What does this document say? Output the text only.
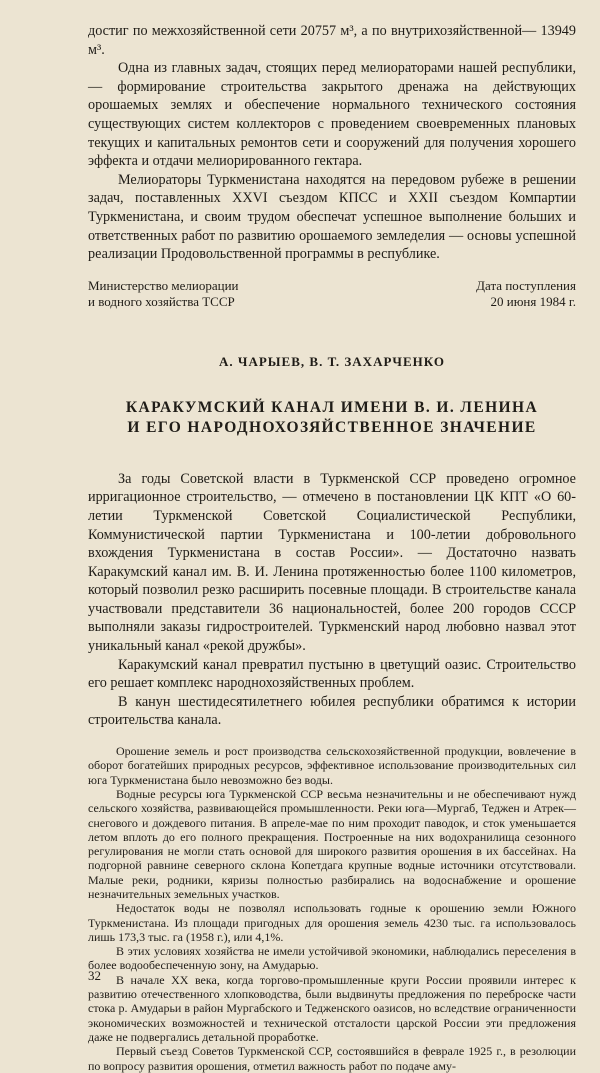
достиг по межхозяйственной сети 20757 м³, а по внутрихозяйственной— 13949 м³.

Одна из главных задач, стоящих перед мелиораторами нашей республики, — формирование строительства закрытого дренажа на действующих орошаемых землях и обеспечение нормального технического состояния существующих систем коллекторов с проведением своевременных плановых текущих и капитальных ремонтов сети и сооружений для получения хорошего эффекта и отдачи мелиорированного гектара.

Мелиораторы Туркменистана находятся на передовом рубеже в решении задач, поставленных XXVI съездом КПСС и XXII съездом Компартии Туркменистана, и своим трудом обеспечат успешное выполнение больших и ответственных работ по развитию орошаемого земледелия — основы успешной реализации Продовольственной программы в республике.

Министерство мелиорации
и водного хозяйства ТССР
Дата поступления
20 июня 1984 г.
А. ЧАРЫЕВ, В. Т. ЗАХАРЧЕНКО
КАРАКУМСКИЙ КАНАЛ ИМЕНИ В. И. ЛЕНИНА
И ЕГО НАРОДНОХОЗЯЙСТВЕННОЕ ЗНАЧЕНИЕ

За годы Советской власти в Туркменской ССР проведено огромное ирригационное строительство, — отмечено в постановлении ЦК КПТ «О 60-летии Туркменской Советской Социалистической Республики, Коммунистической партии Туркменистана и 100-летии добровольного вхождения Туркменистана в состав России». — Достаточно назвать Каракумский канал им. В. И. Ленина протяженностью более 1100 километров, который позволил резко расширить посевные площади. В строительстве канала участвовали представители 36 национальностей, более 200 городов СССР выполняли заказы гидростроителей. Туркменский народ любовно назвал этот уникальный канал «рекой дружбы».

Каракумский канал превратил пустыню в цветущий оазис. Строительство его решает комплекс народнохозяйственных проблем.

В канун шестидесятилетнего юбилея республики обратимся к истории строительства канала.

Орошение земель и рост производства сельскохозяйственной продукции, вовлечение в оборот богатейших природных ресурсов, эффективное использование производительных сил юга Туркменистана было невозможно без воды.

Водные ресурсы юга Туркменской ССР весьма незначительны и не обеспечивают нужд сельского хозяйства, развивающейся промышленности. Реки юга—Мургаб, Теджен и Атрек—снегового и дождевого питания. В апреле-мае по ним проходит паводок, и сток уменьшается летом вплоть до его полного прекращения. Построенные на них водохранилища сезонного регулирования не могли стать основой для широкого развития орошения в их бассейнах. На подгорной равнине северного склона Копетдага крупные водные источники отсутствовали. Малые реки, родники, кяризы полностью разбирались на водоснабжение и орошение незначительных земельных участков.

Недостаток воды не позволял использовать годные к орошению земли Южного Туркменистана. Из площади пригодных для орошения земель 4230 тыс. га использовалось лишь 173,3 тыс. га (1958 г.), или 4,1%.

В этих условиях хозяйства не имели устойчивой экономики, наблюдались переселения в более водообеспеченную зону, на Амударью.

В начале XX века, когда торгово-промышленные круги России проявили интерес к развитию отечественного хлопководства, были выдвинуты предложения по переброске части стока р. Амударьи в район Мургабского и Тедженского оазисов, но вследствие ограниченности экономических возможностей и технической отсталости царской России эти предложения даже не подвергались детальной проработке.

Первый съезд Советов Туркменской ССР, состоявшийся в феврале 1925 г., в резолюции по вопросу развития орошения, отметил важность работ по подаче аму-

32
